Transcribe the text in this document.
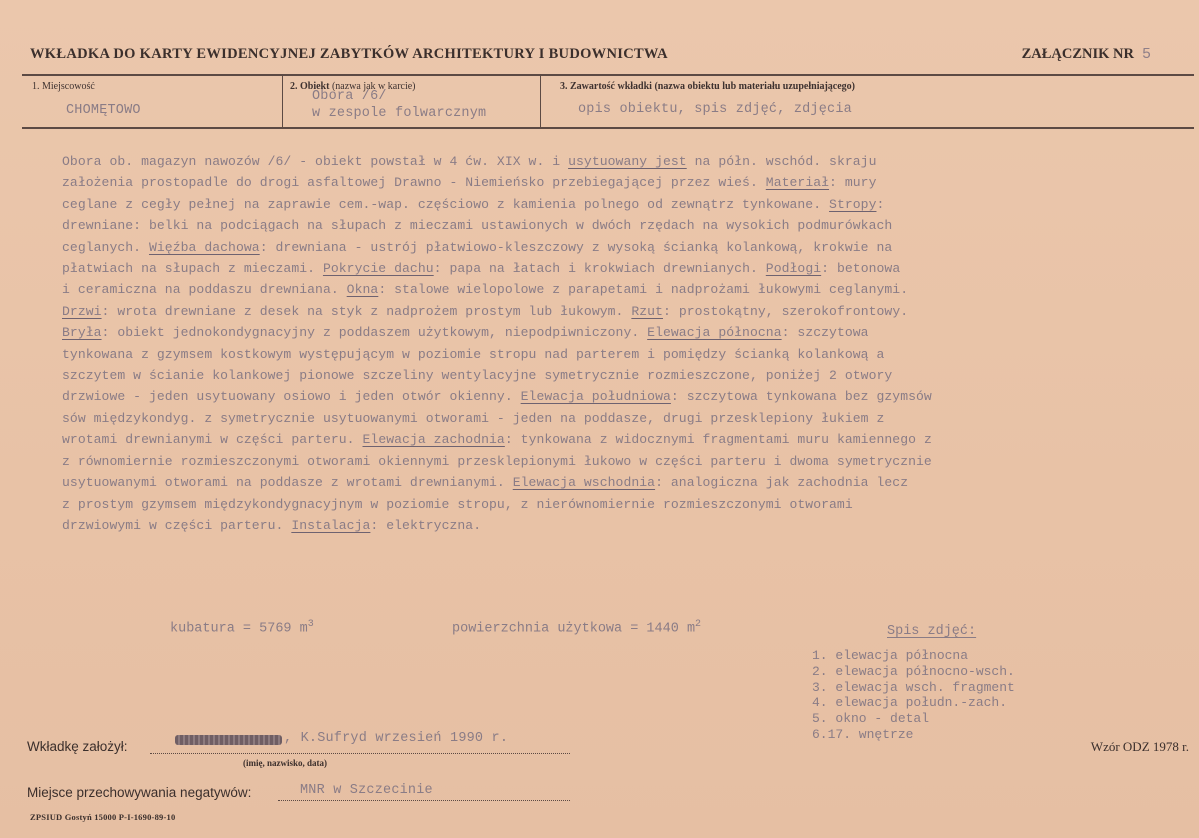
WKŁADKA DO KARTY EWIDENCYJNEJ ZABYTKÓW ARCHITEKTURY I BUDOWNICTWA	ZAŁĄCZNIK NR 5
1. Miejscowość
CHOMĘTOWO
2. Obiekt (nazwa jak w karcie)
Obora /6/
w zespole folwarcznym
3. Zawartość wkładki (nazwa obiektu lub materiału uzupełniającego)
opis obiektu, spis zdjęć, zdjęcia

Obora ob. magazyn nawozów /6/ - obiekt powstał w 4 ćw. XIX w. i usytuowany jest na półn. wschód. skraju

założenia prostopadle do drogi asfaltowej Drawno - Niemieńsko przebiegającej przez wieś. Materiał: mury

ceglane z cegły pełnej na zaprawie cem.-wap. częściowo z kamienia polnego od zewnątrz tynkowane. Stropy:

drewniane: belki na podciągach na słupach z mieczami ustawionych w dwóch rzędach na wysokich podmurówkach

ceglanych. Więźba dachowa: drewniana - ustrój płatwiowo-kleszczowy z wysoką ścianką kolankową, krokwie na

płatwiach na słupach z mieczami. Pokrycie dachu: papa na łatach i krokwiach drewnianych. Podłogi: betonowa

i ceramiczna na poddaszu drewniana. Okna: stalowe wielopolowe z parapetami i nadprożami łukowymi ceglanymi.

Drzwi: wrota drewniane z desek na styk z nadprożem prostym lub łukowym. Rzut: prostokątny, szerokofrontowy.

Bryła: obiekt jednokondygnacyjny z poddaszem użytkowym, niepodpiwniczony. Elewacja północna: szczytowa

tynkowana z gzymsem kostkowym występującym w poziomie stropu nad parterem i pomiędzy ścianką kolankową a

szczytem w ścianie kolankowej pionowe szczeliny wentylacyjne symetrycznie rozmieszczone, poniżej 2 otwory

drzwiowe - jeden usytuowany osiowo i jeden otwór okienny. Elewacja południowa: szczytowa tynkowana bez gzymsów

sów międzykondyg. z symetrycznie usytuowanymi otworami - jeden na poddasze, drugi przesklepiony łukiem z

wrotami drewnianymi w części parteru. Elewacja zachodnia: tynkowana z widocznymi fragmentami muru kamiennego z

z równomiernie rozmieszczonymi otworami okiennymi przesklepionymi łukowo w części parteru i dwoma symetrycznie

usytuowanymi otworami na poddasze z wrotami drewnianymi. Elewacja wschodnia: analogiczna jak zachodnia lecz

z prostym gzymsem międzykondygnacyjnym w poziomie stropu, z nierównomiernie rozmieszczonymi otworami

drzwiowymi w części parteru. Instalacja: elektryczna.

kubatura = 5769 $m^3$	powierzchnia użytkowa = 1440 $m^2$	Spis zdjęć:
1. elewacja północna
2. elewacja północno-wsch.
3. elewacja wsch. fragment
4. elewacja połudn.-zach.
5. okno - detal
6.17. wnętrze
Wkładkę założył:
, K.Sufryd wrzesień 1990 r.
(imię, nazwisko, data)
Wzór ODZ 1978 r.
Miejsce przechowywania negatywów:	MNR w Szczecinie
ZPSIUD Gostyń 15000 P-I-1690-89-10
